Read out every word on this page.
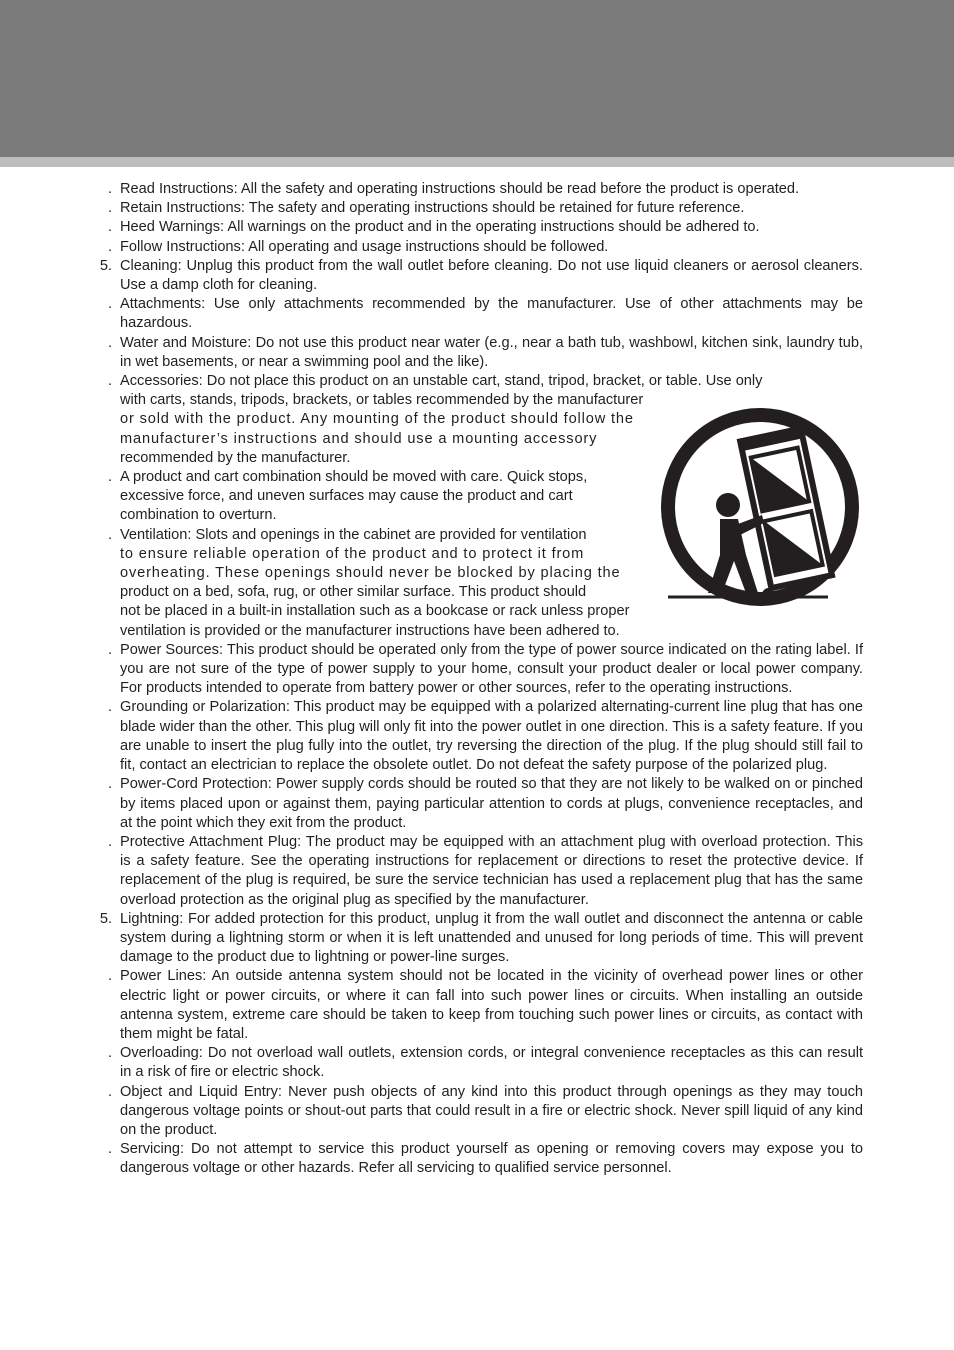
. Read Instructions: All the safety and operating instructions should be read before the product is operated.
. Retain Instructions: The safety and operating instructions should be retained for future reference.
. Heed Warnings: All warnings on the product and in the operating instructions should be adhered to.
. Follow Instructions: All operating and usage instructions should be followed.
5. Cleaning: Unplug this product from the wall outlet before cleaning. Do not use liquid cleaners or aerosol cleaners. Use a damp cloth for cleaning.
. Attachments: Use only attachments recommended by the manufacturer. Use of other attachments may be hazardous.
. Water and Moisture: Do not use this product near water (e.g., near a bath tub, washbowl, kitchen sink, laundry tub, in wet basements, or near a swimming pool and the like).
. Accessories: Do not place this product on an unstable cart, stand, tripod, bracket, or table. Use only
with carts, stands, tripods, brackets, or tables recommended by the manufacturer
or sold with the product. Any mounting of the product should follow the
manufacturer’s instructions and should use a mounting accessory
recommended by the manufacturer.
. A product and cart combination should be moved with care. Quick stops,
excessive force, and uneven surfaces may cause the product and cart
combination to overturn.
. Ventilation: Slots and openings in the cabinet are provided for ventilation
to ensure reliable operation of the product and to protect it from
overheating. These openings should never be blocked by placing the
product on a bed, sofa, rug, or other similar surface. This product should
not be placed in a built-in installation such as a bookcase or rack unless proper
ventilation is provided or the manufacturer instructions have been adhered to.
. Power Sources: This product should be operated only from the type of power source indicated on the rating label. If you are not sure of the type of power supply to your home, consult your product dealer or local power company. For products intended to operate from battery power or other sources, refer to the operating instructions.
. Grounding or Polarization: This product may be equipped with a polarized alternating-current line plug that has one blade wider than the other. This plug will only fit into the power outlet in one direction. This is a safety feature. If you are unable to insert the plug fully into the outlet, try reversing the direction of the plug. If the plug should still fail to fit, contact an electrician to replace the obsolete outlet. Do not defeat the safety purpose of the polarized plug.
. Power-Cord Protection: Power supply cords should be routed so that they are not likely to be walked on or pinched by items placed upon or against them, paying particular attention to cords at plugs, convenience receptacles, and at the point which they exit from the product.
. Protective Attachment Plug: The product may be equipped with an attachment plug with overload protection. This is a safety feature. See the operating instructions for replacement or directions to reset the protective device. If replacement of the plug is required, be sure the service technician has used a replacement plug that has the same overload protection as the original plug as specified by the manufacturer.
5. Lightning: For added protection for this product, unplug it from the wall outlet and disconnect the antenna or cable system during a lightning storm or when it is left unattended and unused for long periods of time. This will prevent damage to the product due to lightning or power-line surges.
. Power Lines: An outside antenna system should not be located in the vicinity of overhead power lines or other electric light or power circuits, or where it can fall into such power lines or circuits. When installing an outside antenna system, extreme care should be taken to keep from touching such power lines or circuits, as contact with them might be fatal.
. Overloading: Do not overload wall outlets, extension cords, or integral convenience receptacles as this can result in a risk of fire or electric shock.
. Object and Liquid Entry: Never push objects of any kind into this product through openings as they may touch dangerous voltage points or shout-out parts that could result in a fire or electric shock. Never spill liquid of any kind on the product.
. Servicing: Do not attempt to service this product yourself as opening or removing covers may expose you to dangerous voltage or other hazards. Refer all servicing to qualified service personnel.
